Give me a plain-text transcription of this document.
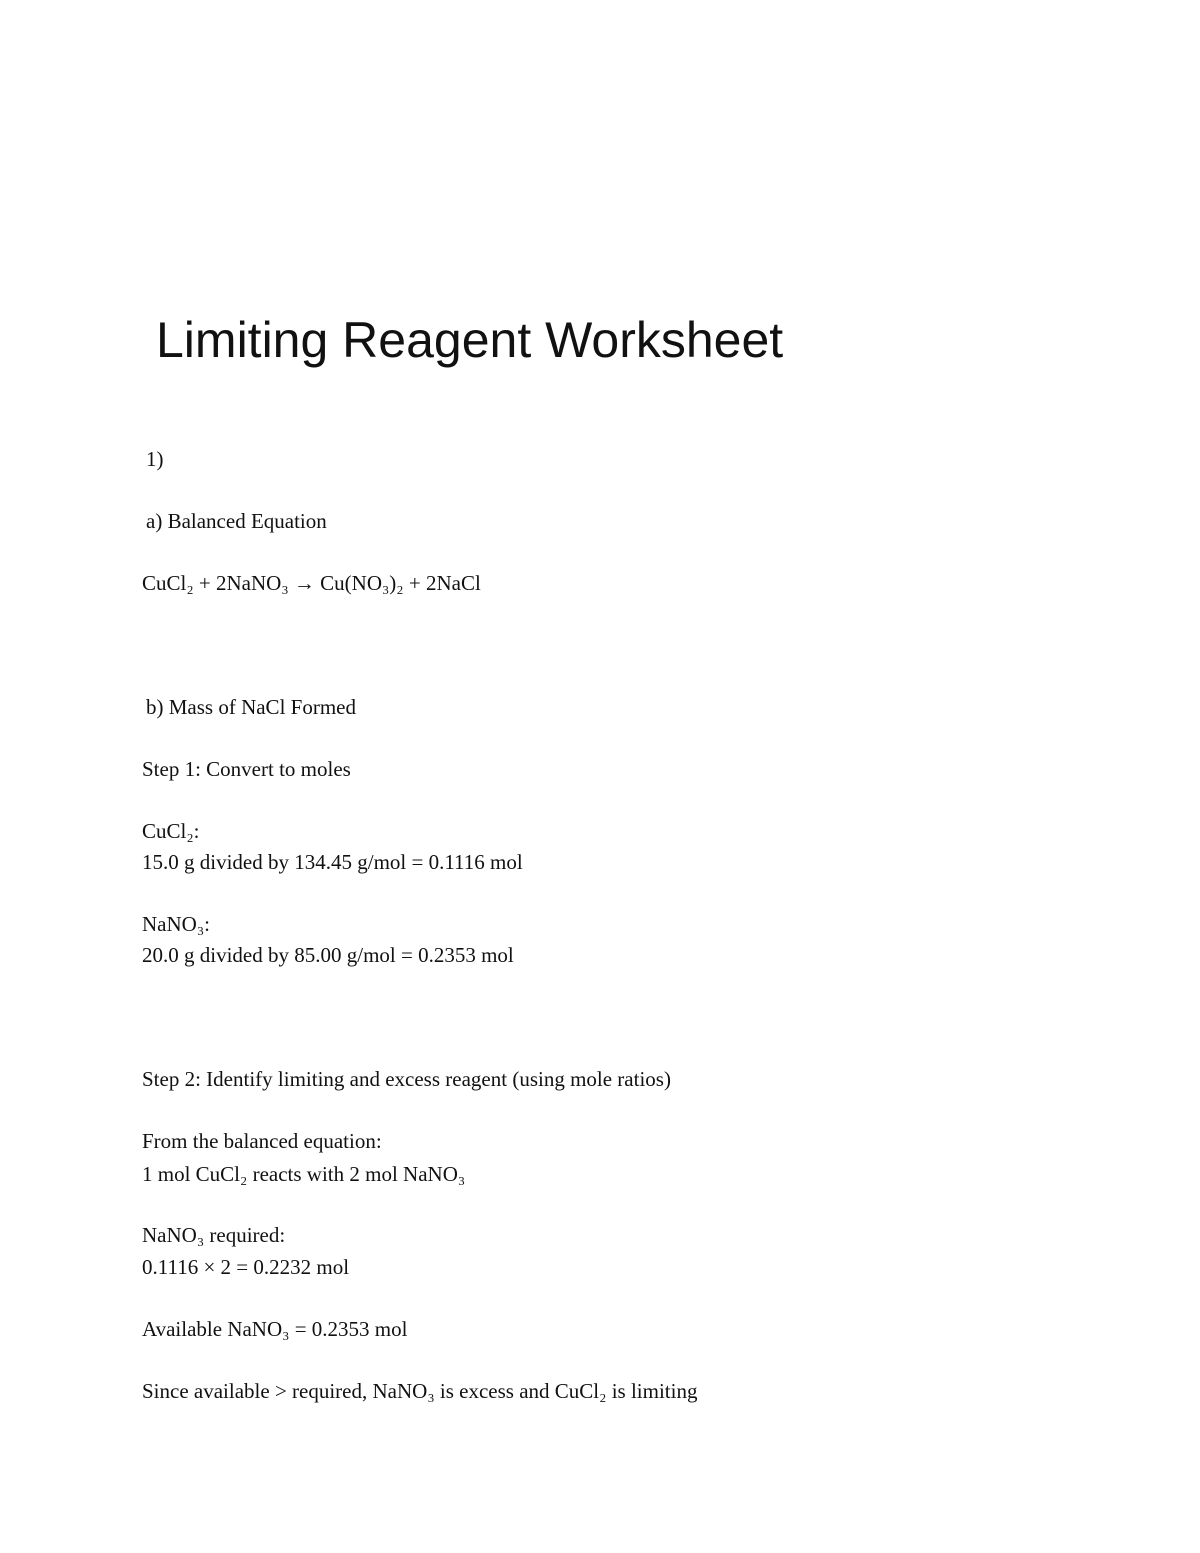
Limiting Reagent Worksheet
1)
a) Balanced Equation
CuCl₂ + 2NaNO₃ → Cu(NO₃)₂ + 2NaCl
b) Mass of NaCl Formed
Step 1: Convert to moles
CuCl₂:
15.0 g divided by 134.45 g/mol = 0.1116 mol
NaNO₃:
20.0 g divided by 85.00 g/mol = 0.2353 mol
Step 2: Identify limiting and excess reagent (using mole ratios)
From the balanced equation:
1 mol CuCl₂ reacts with 2 mol NaNO₃
NaNO₃ required:
0.1116 × 2 = 0.2232 mol
Available NaNO₃ = 0.2353 mol
Since available > required, NaNO₃ is excess and CuCl₂ is limiting
